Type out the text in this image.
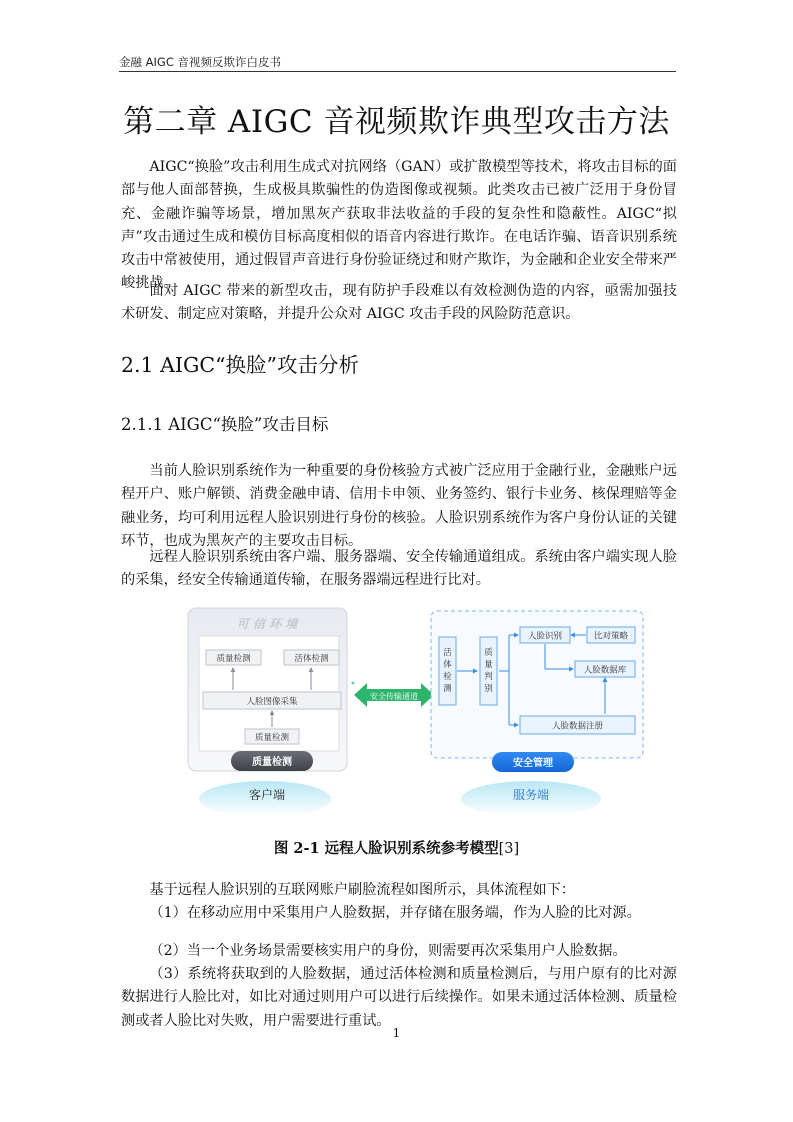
金融 AIGC 音视频反欺诈白皮书
第二章 AIGC 音视频欺诈典型攻击方法

AIGC“换脸”攻击利用生成式对抗网络（GAN）或扩散模型等技术，将攻击目标的面部与他人面部替换，生成极具欺骗性的伪造图像或视频。此类攻击已被广泛用于身份冒充、金融诈骗等场景，增加黑灰产获取非法收益的手段的复杂性和隐蔽性。AIGC“拟声”攻击通过生成和模仿目标高度相似的语音内容进行欺诈。在电话诈骗、语音识别系统攻击中常被使用，通过假冒声音进行身份验证绕过和财产欺诈，为金融和企业安全带来严峻挑战。

面对 AIGC 带来的新型攻击，现有防护手段难以有效检测伪造的内容，亟需加强技术研发、制定应对策略，并提升公众对 AIGC 攻击手段的风险防范意识。

2.1 AIGC“换脸”攻击分析
2.1.1 AIGC“换脸”攻击目标

当前人脸识别系统作为一种重要的身份核验方式被广泛应用于金融行业，金融账户远程开户、账户解锁、消费金融申请、信用卡申领、业务签约、银行卡业务、核保理赔等金融业务，均可利用远程人脸识别进行身份的核验。人脸识别系统作为客户身份认证的关键环节，也成为黑灰产的主要攻击目标。

远程人脸识别系统由客户端、服务器端、安全传输通道组成。系统由客户端实现人脸的采集，经安全传输通道传输，在服务器端远程进行比对。

可 信 环 境
质量检测	活体检测
人脸图像采集
质量检测
质量检测
客户端
安全传输通道
活
体
检
测
质
量
判
别
人脸识别	比对策略
人脸数据库
人脸数据注册
安全管理
服务端
图 2-1 远程人脸识别系统参考模型[3]

基于远程人脸识别的互联网账户刷脸流程如图所示，具体流程如下：

（1）在移动应用中采集用户人脸数据，并存储在服务端，作为人脸的比对源。

（2）当一个业务场景需要核实用户的身份，则需要再次采集用户人脸数据。

（3）系统将获取到的人脸数据，通过活体检测和质量检测后，与用户原有的比对源数据进行人脸比对，如比对通过则用户可以进行后续操作。如果未通过活体检测、质量检测或者人脸比对失败，用户需要进行重试。

1
